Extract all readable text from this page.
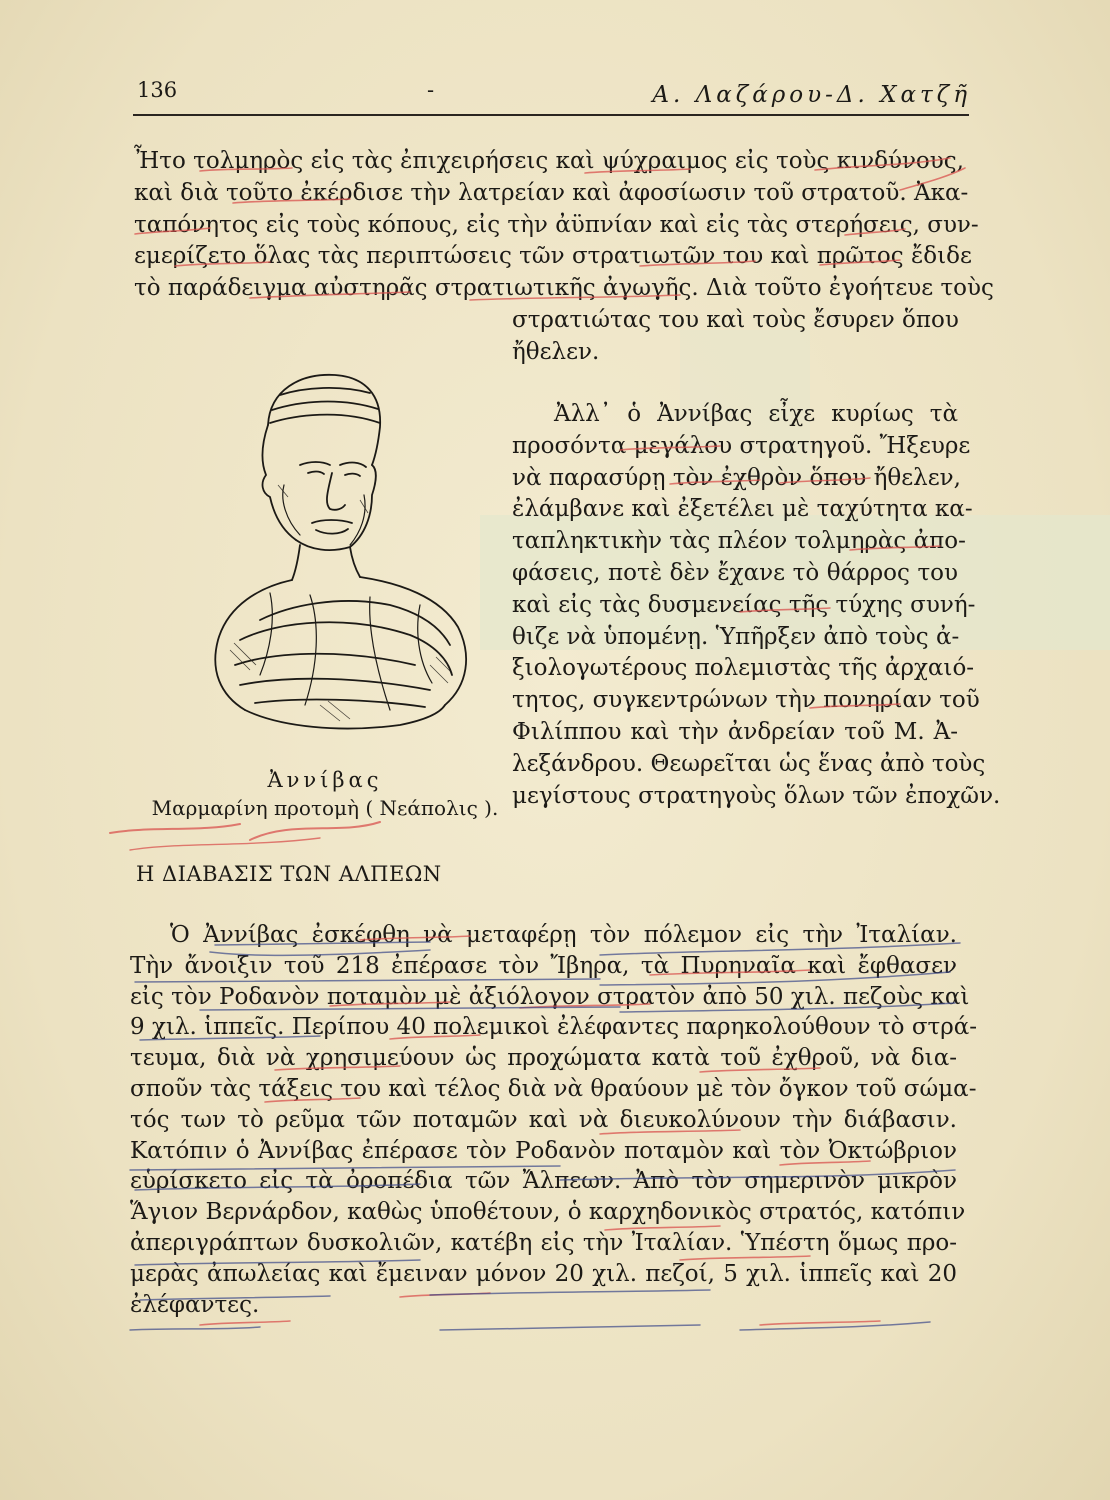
136	-	Α. Λαζάρου-Δ. Χατζῆ
Ἦτο τολμηρὸς εἰς τὰς ἐπιχειρήσεις καὶ ψύχραιμος εἰς τοὺς κινδύνους,
καὶ διὰ τοῦτο ἐκέρδισε τὴν λατρείαν καὶ ἀφοσίωσιν τοῦ στρατοῦ. Ἀκα-
ταπόνητος εἰς τοὺς κόπους, εἰς τὴν ἀϋπνίαν καὶ εἰς τὰς στερήσεις, συν-
εμερίζετο ὅλας τὰς περιπτώσεις τῶν στρατιωτῶν του καὶ πρῶτος ἔδιδε
τὸ παράδειγμα αὐστηρᾶς στρατιωτικῆς ἀγωγῆς. Διὰ τοῦτο ἐγοήτευε τοὺς
στρατιώτας του καὶ τοὺς ἔσυρεν ὅπου
ἤθελεν.
Ἀλλ᾽ ὁ Ἀννίβας εἶχε κυρίως τὰ
προσόντα μεγάλου στρατηγοῦ. Ἤξευρε
νὰ παρασύρῃ τὸν ἐχθρὸν ὅπου ἤθελεν,
ἐλάμβανε καὶ ἐξετέλει μὲ ταχύτητα κα-
ταπληκτικὴν τὰς πλέον τολμηρὰς ἀπο-
φάσεις, ποτὲ δὲν ἔχανε τὸ θάρρος του
καὶ εἰς τὰς δυσμενείας τῆς τύχης συνή-
θιζε νὰ ὑπομένῃ. Ὑπῆρξεν ἀπὸ τοὺς ἀ-
ξιολογωτέρους πολεμιστὰς τῆς ἀρχαιό-
τητος, συγκεντρώνων τὴν πονηρίαν τοῦ
Φιλίππου καὶ τὴν ἀνδρείαν τοῦ Μ. Ἀ-
λεξάνδρου. Θεωρεῖται ὡς ἕνας ἀπὸ τοὺς
μεγίστους στρατηγοὺς ὅλων τῶν ἐποχῶν.
Ἀννίβας
Μαρμαρίνη προτομὴ ( Νεάπολις ).
Η ΔΙΑΒΑΣΙΣ ΤΩΝ ΑΛΠΕΩΝ
Ὁ Ἀννίβας ἐσκέφθη νὰ μεταφέρῃ τὸν πόλεμον εἰς τὴν Ἰταλίαν.
Τὴν ἄνοιξιν τοῦ 218 ἐπέρασε τὸν Ἴβηρα, τὰ Πυρηναῖα καὶ ἔφθασεν
εἰς τὸν Ροδανὸν ποταμὸν μὲ ἀξιόλογον στρατὸν ἀπὸ 50 χιλ. πεζοὺς καὶ
9 χιλ. ἱππεῖς. Περίπου 40 πολεμικοὶ ἐλέφαντες παρηκολούθουν τὸ στρά-
τευμα, διὰ νὰ χρησιμεύουν ὡς προχώματα κατὰ τοῦ ἐχθροῦ, νὰ δια-
σποῦν τὰς τάξεις του καὶ τέλος διὰ νὰ θραύουν μὲ τὸν ὄγκον τοῦ σώμα-
τός των τὸ ρεῦμα τῶν ποταμῶν καὶ νὰ διευκολύνουν τὴν διάβασιν.
Κατόπιν ὁ Ἀννίβας ἐπέρασε τὸν Ροδανὸν ποταμὸν καὶ τὸν Ὀκτώβριον
εὑρίσκετο εἰς τὰ ὀροπέδια τῶν Ἄλπεων. Ἀπὸ τὸν σημερινὸν μικρὸν
Ἅγιον Βερνάρδον, καθὼς ὑποθέτουν, ὁ καρχηδονικὸς στρατός, κατόπιν
ἀπεριγράπτων δυσκολιῶν, κατέβη εἰς τὴν Ἰταλίαν. Ὑπέστη ὅμως προ-
μερὰς ἀπωλείας καὶ ἔμειναν μόνον 20 χιλ. πεζοί, 5 χιλ. ἱππεῖς καὶ 20
ἐλέφαντες.
